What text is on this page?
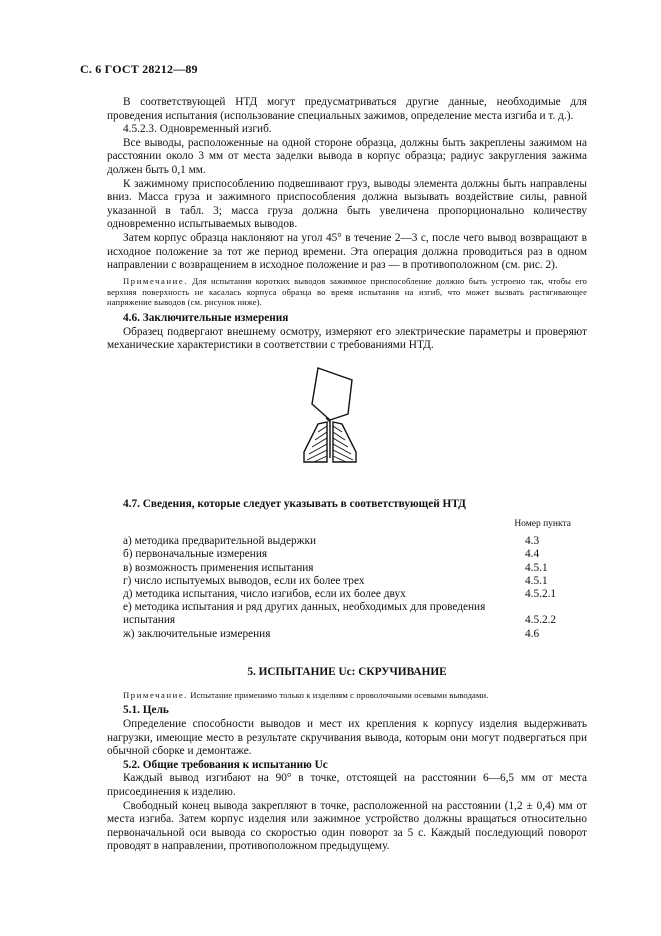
С. 6 ГОСТ 28212—89

В соответствующей НТД могут предусматриваться другие данные, необходимые для проведения испытания (использование специальных зажимов, определение места изгиба и т. д.).

4.5.2.3. Одновременный изгиб.

Все выводы, расположенные на одной стороне образца, должны быть закреплены зажимом на расстоянии около 3 мм от места заделки вывода в корпус образца; радиус закругления зажима должен быть 0,1 мм.

К зажимному приспособлению подвешивают груз, выводы элемента должны быть направлены вниз. Масса груза и зажимного приспособления должна вызывать воздействие силы, равной указанной в табл. 3; масса груза должна быть увеличена пропорционально количеству одновременно испытываемых выводов.

Затем корпус образца наклоняют на угол 45° в течение 2—3 с, после чего вывод возвращают в исходное положение за тот же период времени. Эта операция должна проводиться раз в одном направлении с возвращением в исходное положение и раз — в противоположном (см. рис. 2).

Примечание. Для испытания коротких выводов зажимное приспособление должно быть устроено так, чтобы его верхняя поверхность не касалась корпуса образца во время испытания на изгиб, что может вызвать растягивающее напряжение выводов (см. рисунок ниже).

4.6. Заключительные измерения

Образец подвергают внешнему осмотру, измеряют его электрические параметры и проверяют механические характеристики в соответствии с требованиями НТД.

4.7. Сведения, которые следует указывать в соответствующей НТД

Номер пункта
а) методика предварительной выдержки	4.3
б) первоначальные измерения	4.4
в) возможность применения испытания	4.5.1
г) число испытуемых выводов, если их более трех	4.5.1
д) методика испытания, число изгибов, если их более двух	4.5.2.1
е) методика испытания и ряд других данных, необходимых для проведения испытания	4.5.2.2
ж) заключительные измерения	4.6
5. ИСПЫТАНИЕ Uc: СКРУЧИВАНИЕ

Примечание. Испытание применимо только к изделиям с проволочными осевыми выводами.

5.1. Цель

Определение способности выводов и мест их крепления к корпусу изделия выдерживать нагрузки, имеющие место в результате скручивания вывода, которым они могут подвергаться при обычной сборке и демонтаже.

5.2. Общие требования к испытанию Uc

Каждый вывод изгибают на 90° в точке, отстоящей на расстоянии 6—6,5 мм от места присоединения к изделию.

Свободный конец вывода закрепляют в точке, расположенной на расстоянии (1,2 ± 0,4) мм от места изгиба. Затем корпус изделия или зажимное устройство должны вращаться относительно первоначальной оси вывода со скоростью один поворот за 5 с. Каждый последующий поворот проводят в направлении, противоположном предыдущему.
